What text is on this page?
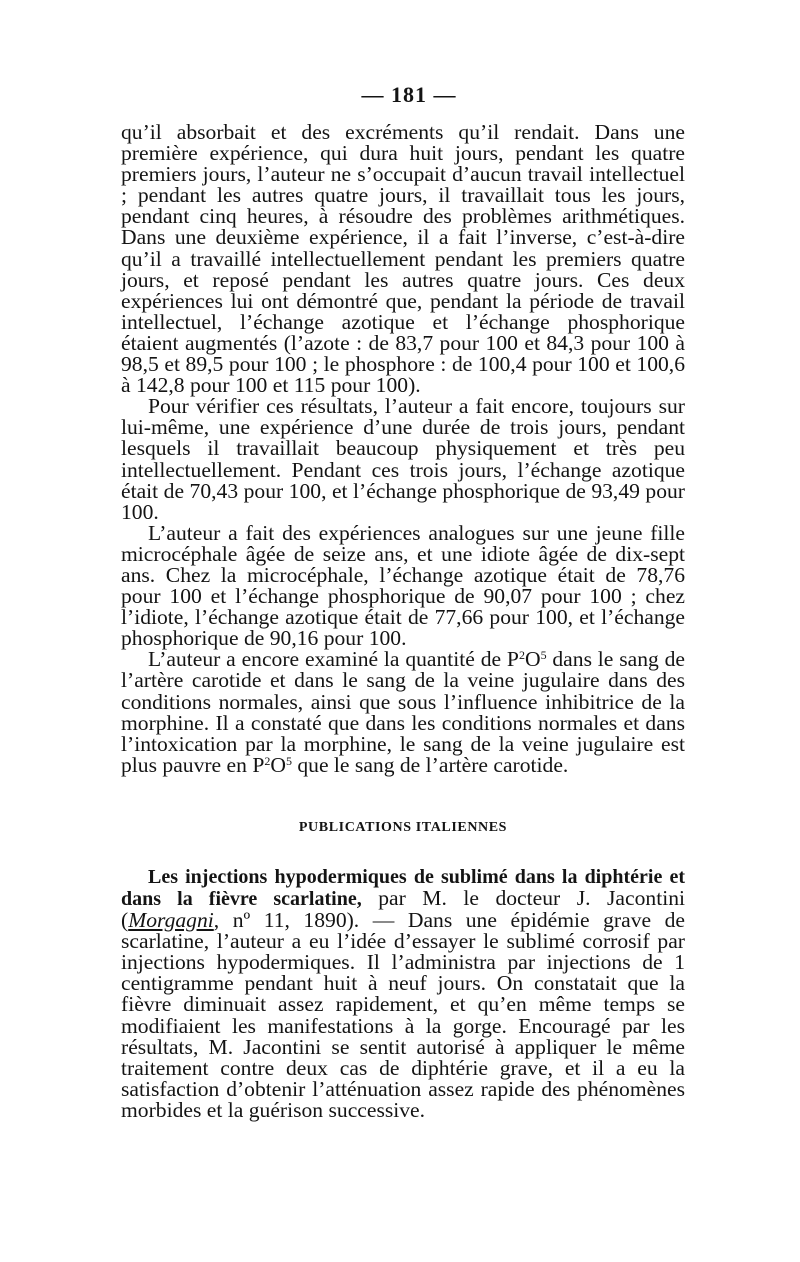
— 181 —

qu’il absorbait et des excréments qu’il rendait. Dans une première expérience, qui dura huit jours, pendant les quatre premiers jours, l’auteur ne s’occupait d’aucun travail intellectuel ; pendant les autres quatre jours, il travaillait tous les jours, pendant cinq heures, à résoudre des problèmes arithmétiques. Dans une deuxième expérience, il a fait l’inverse, c’est-à-dire qu’il a travaillé intellectuellement pendant les premiers quatre jours, et reposé pendant les autres quatre jours. Ces deux expériences lui ont démontré que, pendant la période de travail intellectuel, l’échange azotique et l’échange phosphorique étaient augmentés (l’azote : de 83,7 pour 100 et 84,3 pour 100 à 98,5 et 89,5 pour 100 ; le phosphore : de 100,4 pour 100 et 100,6 à 142,8 pour 100 et 115 pour 100).

Pour vérifier ces résultats, l’auteur a fait encore, toujours sur lui-même, une expérience d’une durée de trois jours, pendant lesquels il travaillait beaucoup physiquement et très peu intellectuellement. Pendant ces trois jours, l’échange azotique était de 70,43 pour 100, et l’échange phosphorique de 93,49 pour 100.

L’auteur a fait des expériences analogues sur une jeune fille microcéphale âgée de seize ans, et une idiote âgée de dix-sept ans. Chez la microcéphale, l’échange azotique était de 78,76 pour 100 et l’échange phosphorique de 90,07 pour 100 ; chez l’idiote, l’échange azotique était de 77,66 pour 100, et l’échange phosphorique de 90,16 pour 100.

L’auteur a encore examiné la quantité de $P^2O^5$ dans le sang de l’artère carotide et dans le sang de la veine jugulaire dans des conditions normales, ainsi que sous l’influence inhibitrice de la morphine. Il a constaté que dans les conditions normales et dans l’intoxication par la morphine, le sang de la veine jugulaire est plus pauvre en $P^2O^5$ que le sang de l’artère carotide.

PUBLICATIONS ITALIENNES

Les injections hypodermiques de sublimé dans la diphtérie et dans la fièvre scarlatine, par M. le docteur J. Jacontini (Morgagni, nº 11, 1890). — Dans une épidémie grave de scarlatine, l’auteur a eu l’idée d’essayer le sublimé corrosif par injections hypodermiques. Il l’administra par injections de 1 centigramme pendant huit à neuf jours. On constatait que la fièvre diminuait assez rapidement, et qu’en même temps se modifiaient les manifestations à la gorge. Encouragé par les résultats, M. Jacontini se sentit autorisé à appliquer le même traitement contre deux cas de diphtérie grave, et il a eu la satisfaction d’obtenir l’atténuation assez rapide des phénomènes morbides et la guérison successive.
